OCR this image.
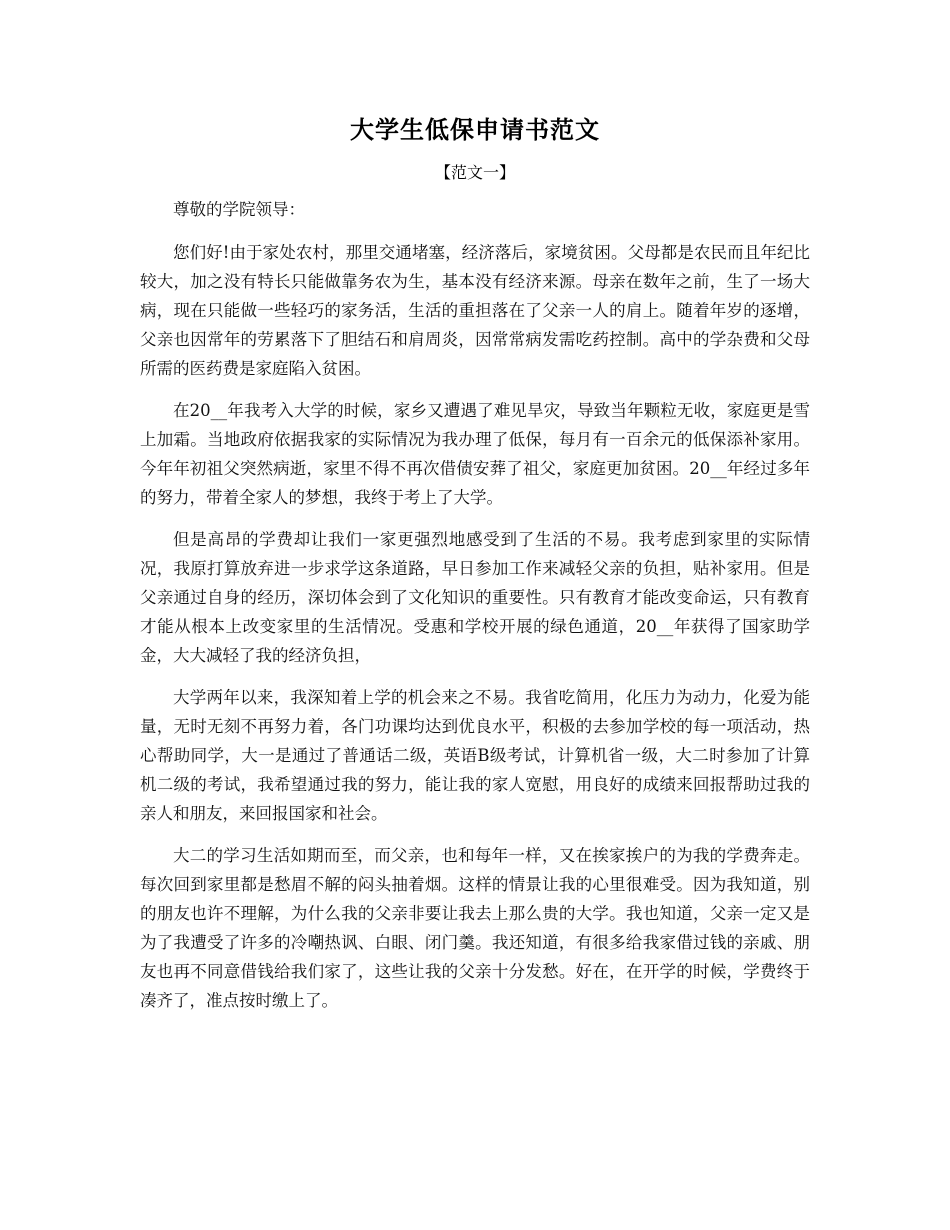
大学生低保申请书范文
【范文一】

尊敬的学院领导：

您们好!由于家处农村，那里交通堵塞，经济落后，家境贫困。父母都是农民而且年纪比较大，加之没有特长只能做靠务农为生，基本没有经济来源。母亲在数年之前，生了一场大病，现在只能做一些轻巧的家务活，生活的重担落在了父亲一人的肩上。随着年岁的逐增，父亲也因常年的劳累落下了胆结石和肩周炎，因常常病发需吃药控制。高中的学杂费和父母所需的医药费是家庭陷入贫困。

在20__年我考入大学的时候，家乡又遭遇了难见旱灾，导致当年颗粒无收，家庭更是雪上加霜。当地政府依据我家的实际情况为我办理了低保，每月有一百余元的低保添补家用。今年年初祖父突然病逝，家里不得不再次借债安葬了祖父，家庭更加贫困。20__年经过多年的努力，带着全家人的梦想，我终于考上了大学。

但是高昂的学费却让我们一家更强烈地感受到了生活的不易。我考虑到家里的实际情况，我原打算放弃进一步求学这条道路，早日参加工作来减轻父亲的负担，贴补家用。但是父亲通过自身的经历，深切体会到了文化知识的重要性。只有教育才能改变命运，只有教育才能从根本上改变家里的生活情况。受惠和学校开展的绿色通道，20__年获得了国家助学金，大大减轻了我的经济负担，

大学两年以来，我深知着上学的机会来之不易。我省吃简用，化压力为动力，化爱为能量，无时无刻不再努力着，各门功课均达到优良水平，积极的去参加学校的每一项活动，热心帮助同学，大一是通过了普通话二级，英语B级考试，计算机省一级，大二时参加了计算机二级的考试，我希望通过我的努力，能让我的家人宽慰，用良好的成绩来回报帮助过我的亲人和朋友，来回报国家和社会。

大二的学习生活如期而至，而父亲，也和每年一样，又在挨家挨户的为我的学费奔走。每次回到家里都是愁眉不解的闷头抽着烟。这样的情景让我的心里很难受。因为我知道，别的朋友也许不理解，为什么我的父亲非要让我去上那么贵的大学。我也知道，父亲一定又是为了我遭受了许多的冷嘲热讽、白眼、闭门羹。我还知道，有很多给我家借过钱的亲戚、朋友也再不同意借钱给我们家了，这些让我的父亲十分发愁。好在，在开学的时候，学费终于凑齐了，准点按时缴上了。
